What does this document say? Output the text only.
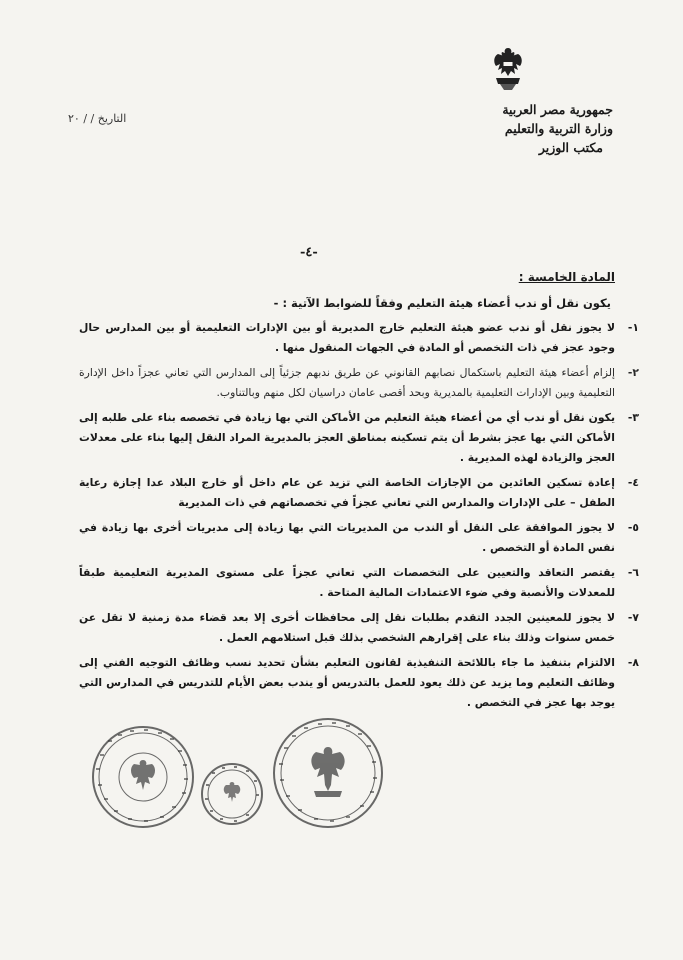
جمهورية مصر العربية
وزارة التربية والتعليم
مكتب الوزير
التاريخ / / ٢٠
-٤-
المادة الخامسة :
يكون نقل أو ندب أعضاء هيئة التعليم وفقاً للضوابط الآتية : -
١-
لا يجوز نقل أو ندب عضو هيئة التعليم خارج المديرية أو بين الإدارات التعليمية أو بين المدارس حال وجود عجز في ذات التخصص أو المادة في الجهات المنقول منها .
٢-
إلزام أعضاء هيئة التعليم باستكمال نصابهم القانوني عن طريق ندبهم جزئياً إلى المدارس التي تعاني عجزاً داخل الإدارة التعليمية وبين الإدارات التعليمية بالمديرية وبحد أقصى عامان دراسيان لكل منهم وبالتناوب.
٣-
يكون نقل أو ندب أي من أعضاء هيئة التعليم من الأماكن التي بها زيادة في تخصصه بناء على طلبه إلى الأماكن التي بها عجز بشرط أن يتم تسكينه بمناطق العجز بالمديرية المراد النقل إليها بناء على معدلات العجز والزيادة لهذه المديرية .
٤-
إعادة تسكين العائدين من الإجازات الخاصة التي تزيد عن عام داخل أو خارج البلاد عدا إجازة رعاية الطفل – على الإدارات والمدارس التي تعاني عجزاً في تخصصاتهم في ذات المديرية
٥-
لا يجوز الموافقة على النقل أو الندب من المديريات التي بها زيادة إلى مديريات أخرى بها زيادة في نفس المادة أو التخصص .
٦-
يقتصر التعاقد والتعيين على التخصصات التي تعاني عجزاً على مستوى المديرية التعليمية طبقاً للمعدلات والأنصبة وفي ضوء الاعتمادات المالية المتاحة .
٧-
لا يجوز للمعينين الجدد التقدم بطلبات نقل إلى محافظات أخرى إلا بعد قضاء مدة زمنية لا تقل عن خمس سنوات وذلك بناء على إقرارهم الشخصي بذلك قبل استلامهم العمل .
٨-
الالتزام بتنفيذ ما جاء باللائحة التنفيذية لقانون التعليم بشأن تحديد نسب وظائف التوجيه الفني إلى وظائف التعليم وما يزيد عن ذلك يعود للعمل بالتدريس أو يندب بعض الأيام للتدريس في المدارس التي يوجد بها عجز في التخصص .
